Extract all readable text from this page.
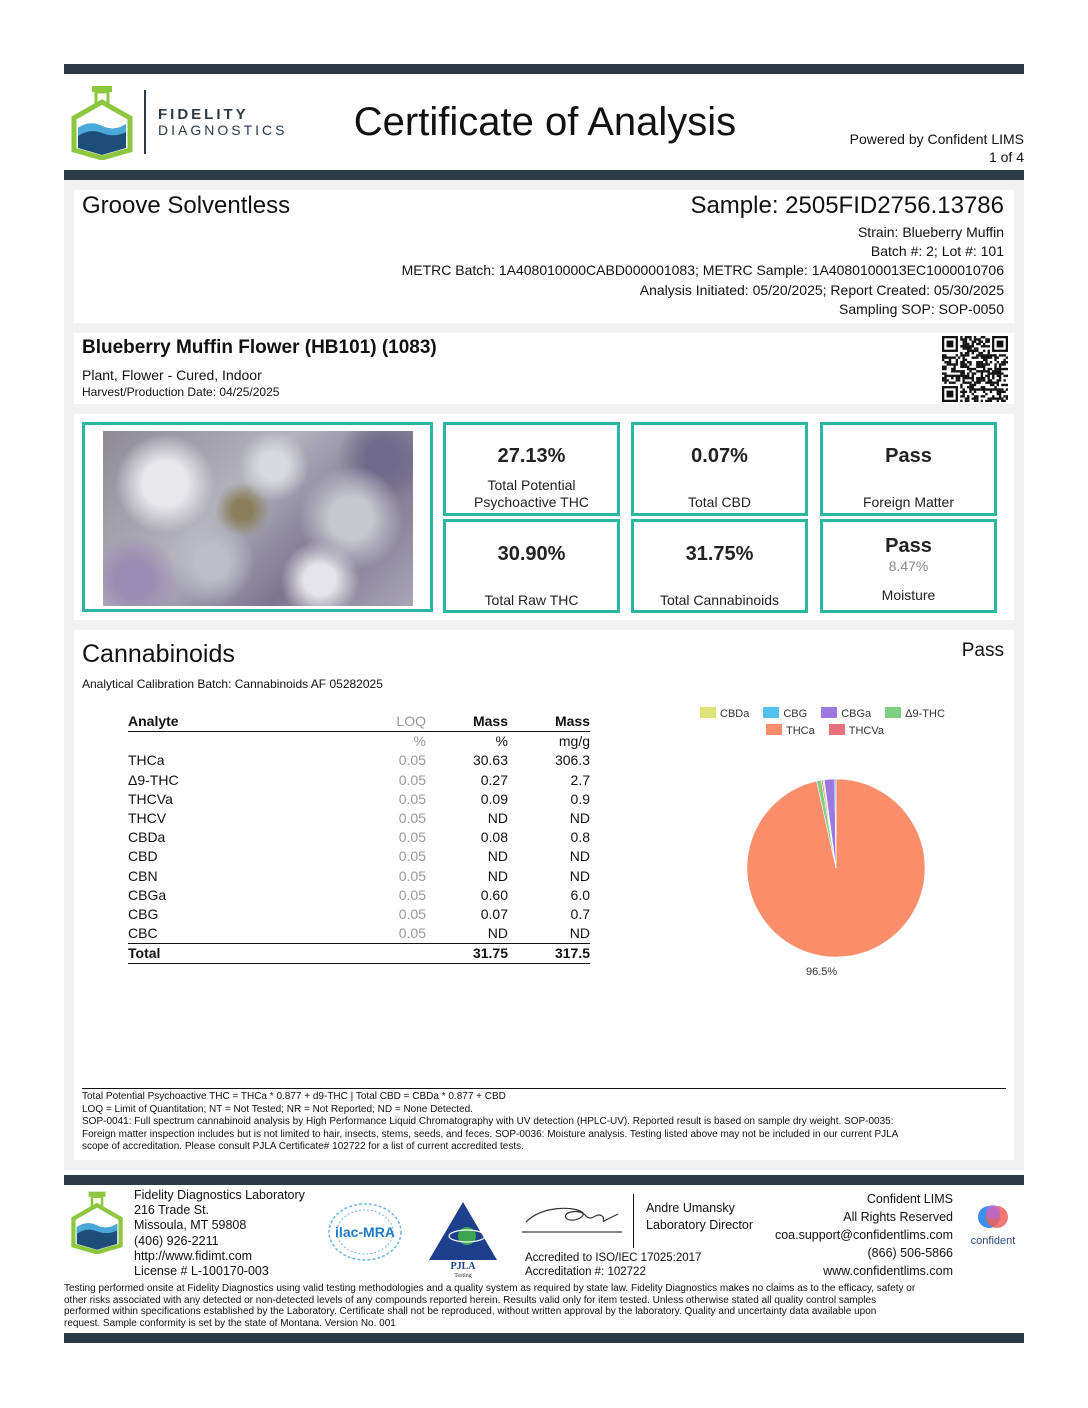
FIDELITY
DIAGNOSTICS	Certificate of Analysis	Powered by Confident LIMS
1 of 4
Groove Solventless	Sample: 2505FID2756.13786
Strain: Blueberry Muffin
Batch #: 2; Lot #: 101
METRC Batch: 1A408010000CABD000001083; METRC Sample: 1A4080100013EC1000010706
Analysis Initiated: 05/20/2025; Report Created: 05/30/2025
Sampling SOP: SOP-0050
Blueberry Muffin Flower (HB101) (1083)
Plant, Flower - Cured, Indoor
Harvest/Production Date: 04/25/2025
27.13%
Total Potential
Psychoactive THC
0.07%
Total CBD
Pass
Foreign Matter
30.90%
Total Raw THC
31.75%
Total Cannabinoids
Pass
8.47%
Moisture
Cannabinoids	Pass
Analytical Calibration Batch: Cannabinoids AF 05282025
Total Potential Psychoactive THC = THCa * 0.877 + d9-THC | Total CBD = CBDa * 0.877 + CBD
LOQ = Limit of Quantitation; NT = Not Tested; NR = Not Reported; ND = None Detected.
SOP-0041: Full spectrum cannabinoid analysis by High Performance Liquid Chromatography with UV detection (HPLC-UV). Reported result is based on sample dry weight. SOP-0035:
Foreign matter inspection includes but is not limited to hair, insects, stems, seeds, and feces. SOP-0036: Moisture analysis. Testing listed above may not be included in our current PJLA
scope of accreditation. Please consult PJLA Certificate# 102722 for a list of current accredited tests.
Analyte	LOQ	Mass	Mass
	%	%	mg/g
THCa	0.05	30.63	306.3
Δ9-THC	0.05	0.27	2.7
THCVa	0.05	0.09	0.9
THCV	0.05	ND	ND
CBDa	0.05	0.08	0.8
CBD	0.05	ND	ND
CBN	0.05	ND	ND
CBGa	0.05	0.60	6.0
CBG	0.05	0.07	0.7
CBC	0.05	ND	ND
Total		31.75	317.5
CBDa	CBG	CBGa	Δ9-THC
THCa	THCVa
96.5%
Fidelity Diagnostics Laboratory
216 Trade St.
Missoula, MT 59808
(406) 926-2211
http://www.fidimt.com
License # L-100170-003
ilac-MRA
PJLA
Testing
Andre Umansky
Laboratory Director
Accredited to ISO/IEC 17025:2017
Accreditation #: 102722
Confident LIMS
All Rights Reserved
coa.support@confidentlims.com
(866) 506-5866
www.confidentlims.com
confident
Testing performed onsite at Fidelity Diagnostics using valid testing methodologies and a quality system as required by state law. Fidelity Diagnostics makes no claims as to the efficacy, safety or
other risks associated with any detected or non-detected levels of any compounds reported herein. Results valid only for item tested. Unless otherwise stated all quality control samples
performed within specifications established by the Laboratory. Certificate shall not be reproduced, without written approval by the laboratory. Quality and uncertainty data available upon
request. Sample conformity is set by the state of Montana. Version No. 001
